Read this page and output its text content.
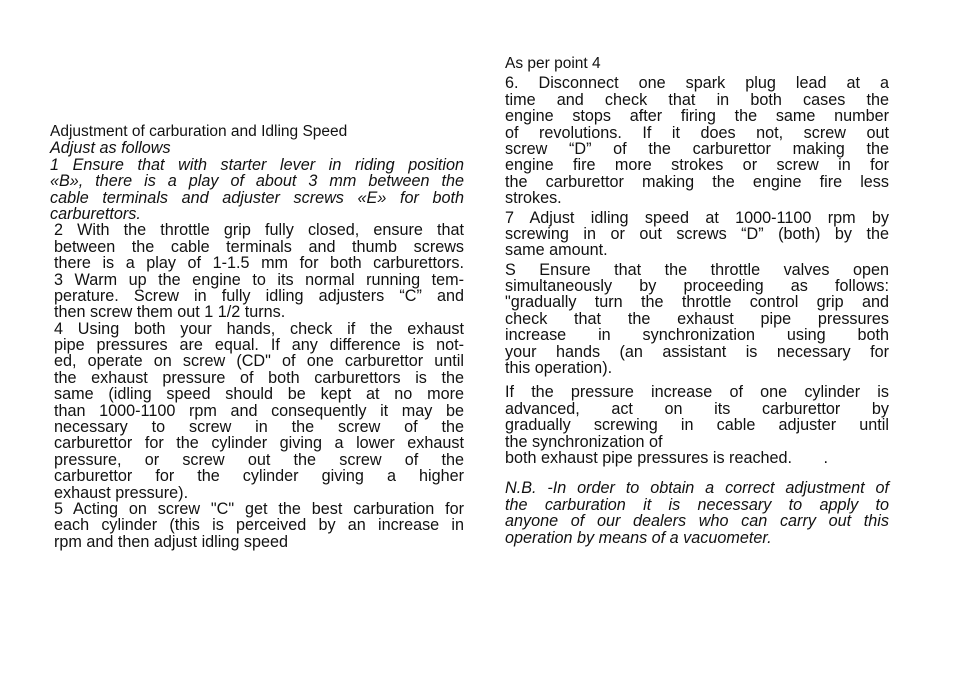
Adjustment of carburation and Idling Speed
Adjust as follows
1 Ensure that with starter lever in riding position
«B», there is a play of about 3 mm between the
cable terminals and adjuster screws «E» for both
carburettors.
2 With the throttle grip fully closed, ensure that
between the cable terminals and thumb screws
there is a play of 1-1.5 mm for both carburettors.
3 Warm up the engine to its normal running tem-
perature. Screw in fully idling adjusters “C” and
then screw them out 1 1/2 turns.
4 Using both your hands, check if the exhaust
pipe pressures are equal. If any difference is not-
ed, operate on screw (CD" of one carburettor until
the exhaust pressure of both carburettors is the
same (idling speed should be kept at no more
than 1000-1100 rpm and consequently it may be
necessary to screw in the screw of the
carburettor for the cylinder giving a lower exhaust
pressure, or screw out the screw of the
carburettor for the cylinder giving a higher
exhaust pressure).
5 Acting on screw "C" get the best carburation for
each cylinder (this is perceived by an increase in
rpm and then adjust idling speed
As per point 4
6. Disconnect one spark plug lead at a
time and check that in both cases the
engine stops after firing the same number
of revolutions. If it does not, screw out
screw “D” of the carburettor making the
engine fire more strokes or screw in for
the carburettor making the engine fire less
strokes.
7 Adjust idling speed at 1000-1100 rpm by
screwing in or out screws “D” (both) by the
same amount.
S Ensure that the throttle valves open
simultaneously by proceeding as follows:
"gradually turn the throttle control grip and
check that the exhaust pipe pressures
increase in synchronization using both
your hands (an assistant is necessary for
this operation).
If the pressure increase of one cylinder is
advanced, act on its carburettor by
gradually screwing in cable adjuster until
the synchronization of
both exhaust pipe pressures is reached.       .
N.B. -In order to obtain a correct adjustment of
the carburation it is necessary to apply to
anyone of our dealers who can carry out this
operation by means of a vacuometer.
